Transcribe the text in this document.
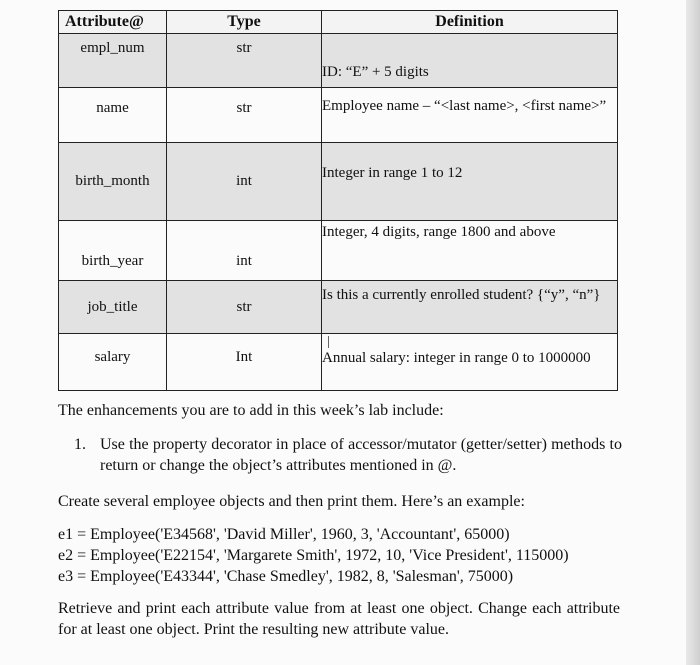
Attribute@	Type	Definition
empl_num	str	ID: “E” + 5 digits

name	str	Employee name – “<last name>, <first name>”

birth_month	int	Integer in range 1 to 12

birth_year	int	Integer, 4 digits, range 1800 and above

job_title	str	Is this a currently enrolled student? {“y”, “n”}

salary	Int	Annual salary: integer in range 0 to 1000000
The enhancements you are to add in this week’s lab include:
1. Use the property decorator in place of accessor/mutator (getter/setter) methods to return or change the object’s attributes mentioned in @.
Create several employee objects and then print them. Here’s an example:
e1 = Employee('E34568', 'David Miller', 1960, 3, 'Accountant', 65000)
e2 = Employee('E22154', 'Margarete Smith', 1972, 10, 'Vice President', 115000)
e3 = Employee('E43344', 'Chase Smedley', 1982, 8, 'Salesman', 75000)
Retrieve and print each attribute value from at least one object. Change each attribute for at least one object. Print the resulting new attribute value.
